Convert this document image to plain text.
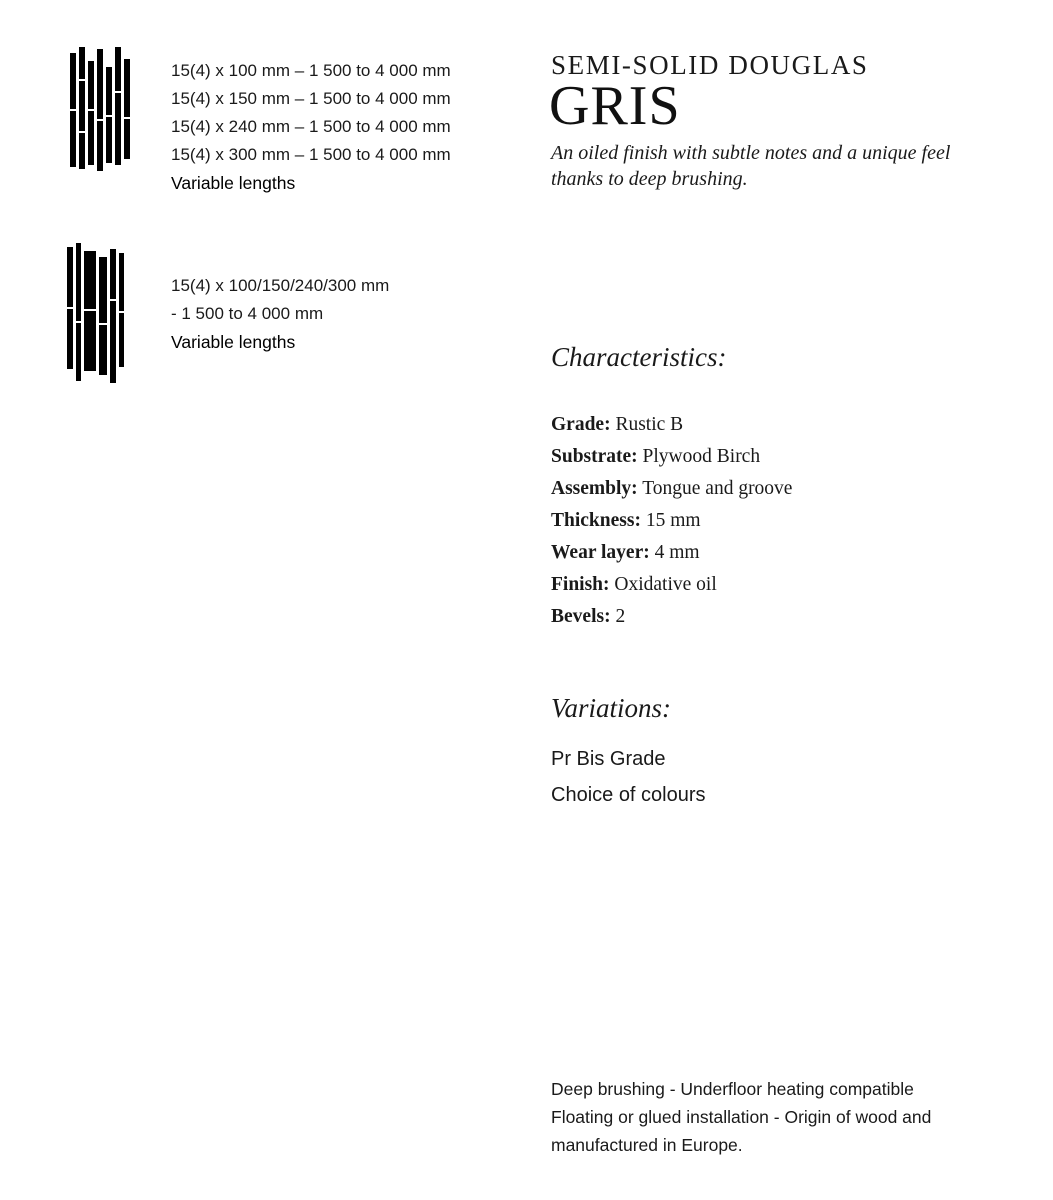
15(4) x 100 mm – 1 500 to 4 000 mm
15(4) x 150 mm – 1 500 to 4 000 mm
15(4) x 240 mm – 1 500 to 4 000 mm
15(4) x 300 mm – 1 500 to 4 000 mm
Variable lengths
15(4) x 100/150/240/300 mm
- 1 500 to 4 000 mm
Variable lengths
SEMI-SOLID DOUGLAS
GRIS
An oiled finish with subtle notes and a unique feel thanks to deep brushing.
Characteristics:
Grade: Rustic B
Substrate: Plywood Birch
Assembly: Tongue and groove
Thickness: 15 mm
Wear layer: 4 mm
Finish: Oxidative oil
Bevels: 2
Variations:
Pr Bis Grade
Choice of colours
Deep brushing - Underfloor heating compatible Floating or glued installation - Origin of wood and manufactured in Europe.
